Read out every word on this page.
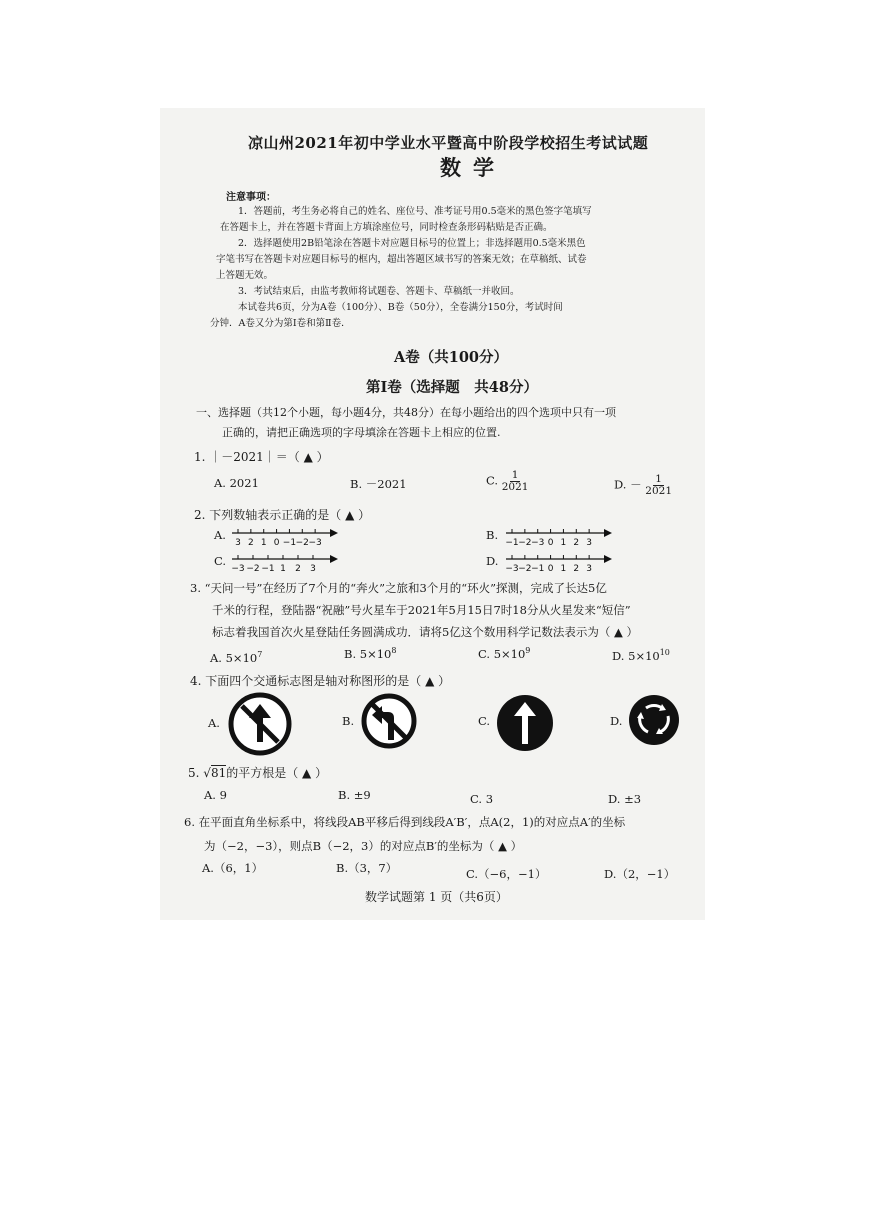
凉山州2021年初中学业水平暨高中阶段学校招生考试试题
数学
注意事项：
1．答题前，考生务必将自己的姓名、座位号、准考证号用0.5毫米的黑色签字笔填写
在答题卡上，并在答题卡背面上方填涂座位号，同时检查条形码粘贴是否正确。
2．选择题使用2B铅笔涂在答题卡对应题目标号的位置上；非选择题用0.5毫米黑色
字笔书写在答题卡对应题目标号的框内，超出答题区域书写的答案无效；在草稿纸、试卷
上答题无效。
3．考试结束后，由监考教师将试题卷、答题卡、草稿纸一并收回。
本试卷共6页，分为A卷（100分）、B卷（50分），全卷满分150分，考试时间
分钟．A卷又分为第Ⅰ卷和第Ⅱ卷．
A卷（共100分）
第Ⅰ卷（选择题　共48分）
一、选择题（共12个小题，每小题4分，共48分）在每小题给出的四个选项中只有一项
正确的，请把正确选项的字母填涂在答题卡上相应的位置.
1. ｜－2021｜＝（ ▲ ）
A. 2021	B. －2021	C. $\frac{1}{2021}$	D. － $\frac{1}{2021}$
2. 下列数轴表示正确的是（ ▲ ）
A.
3 2 1 0 −1 −2 −3
B.
−1 −2 −3 0 1 2 3
C.
−3 −2 −1 1 2 3
D.
−3 −2 −1 0 1 2 3
3. “天问一号”在经历了7个月的“奔火”之旅和3个月的“环火”探测，完成了长达5亿
千米的行程，登陆器“祝融”号火星车于2021年5月15日7时18分从火星发来“短信”
标志着我国首次火星登陆任务圆满成功．请将5亿这个数用科学记数法表示为（ ▲ ）
A. $5\times 10^7$	B. $5\times 10^8$	C. $5\times 10^9$	D. $5\times 10^{10}$
4. 下面四个交通标志图是轴对称图形的是（ ▲ ）
A.	B.	C.	D.
5. √81的平方根是（ ▲ ）
A. 9	B. ±9	C. 3	D. ±3
6. 在平面直角坐标系中，将线段AB平移后得到线段A′B′，点A(2，1)的对应点A′的坐标
为（−2，−3），则点B（−2，3）的对应点B′的坐标为（ ▲ ）
A.（6，1）	B.（3，7）	C.（−6，−1）	D.（2，−1）
数学试题第 1 页（共6页）
